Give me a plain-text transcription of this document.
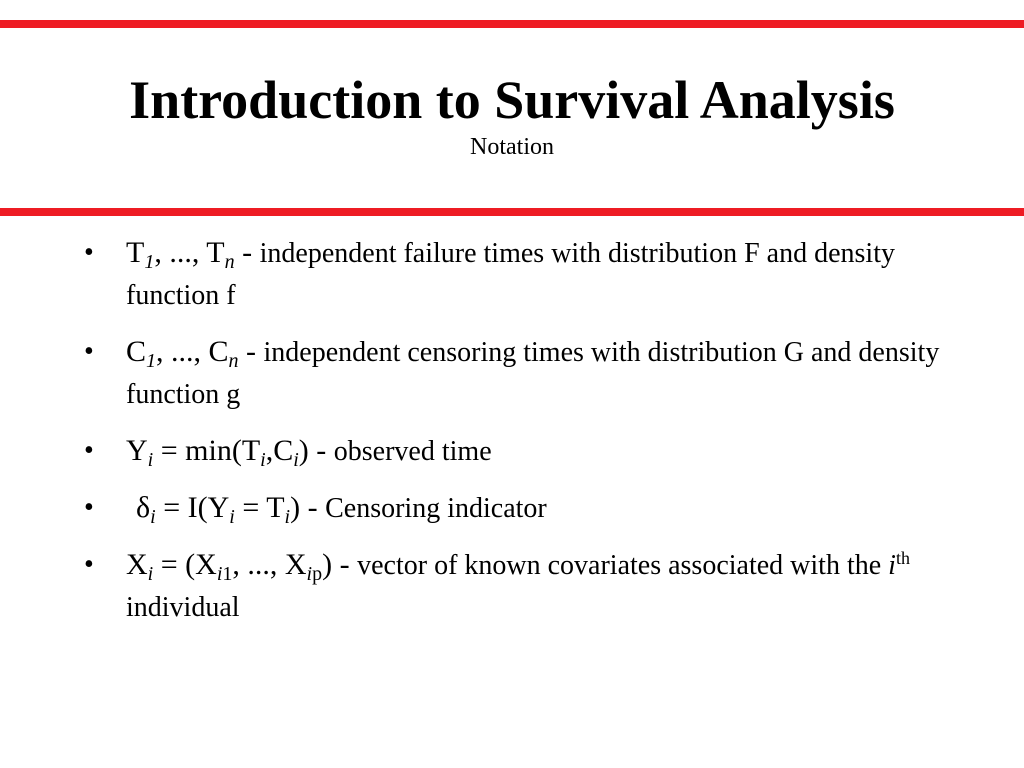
Introduction to Survival Analysis

Notation

• $T_1$, ..., $T_n$ - independent failure times with distribution F and density function f
• $C_1$, ..., $C_n$ - independent censoring times with distribution G and density function g
• $Y_i = \min(T_i,C_i)$ - observed time
• $\delta_i = I(Y_i = T_i)$ - Censoring indicator
• $X_i = (X_{i1}$, ..., $X_{ip}$) - vector of known covariates associated with the $i^{th}$ individual
